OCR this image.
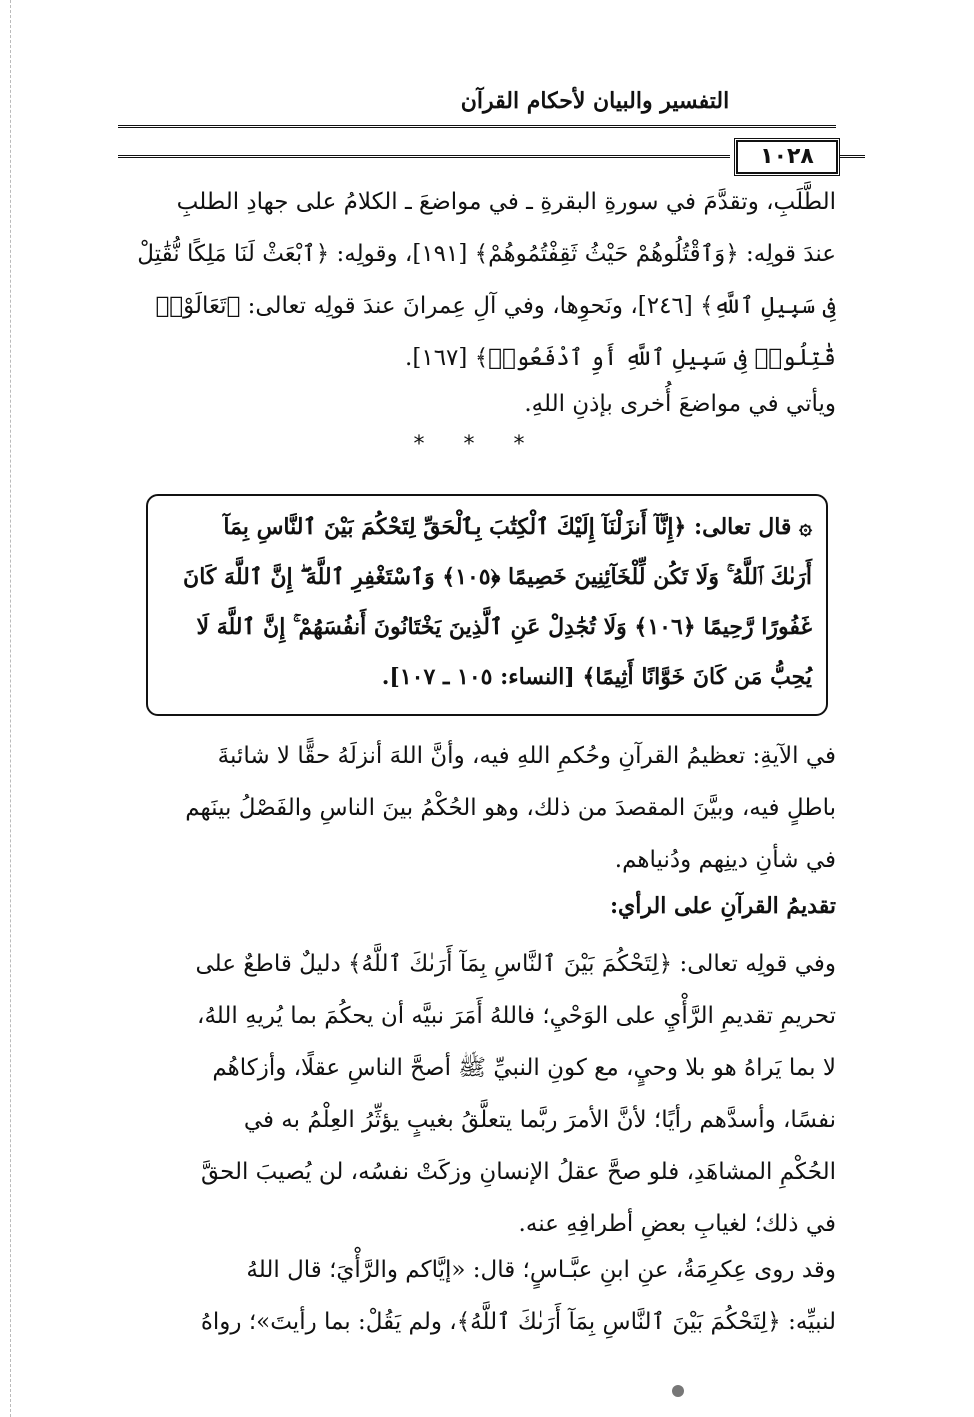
التفسير والبيان لأحكام القرآن
١٠٢٨
الطَّلَبِ، وتقدَّمَ في سورةِ البقرةِ ـ في مواضعَ ـ الكلامُ على جهادِ الطلبِ
عندَ قولِه: ﴿وَٱقْتُلُوهُمْ حَيْثُ ثَقِفْتُمُوهُمْ﴾ [١٩١]، وقولِه: ﴿ٱبْعَثْ لَنَا مَلِكًا نُّقَٰتِلْ
فِى سَبِيلِ ٱللَّهِ﴾ [٢٤٦]، ونَحوِها، وفي آلِ عِمرانَ عندَ قولِه تعالى: ﴿تَعَالَوْا۟
قَٰتِلُوا۟ فِى سَبِيلِ ٱللَّهِ أَوِ ٱدْفَعُوا۟﴾ [١٦٧].
ويأتي في مواضعَ أُخرى بإذنِ اللهِ.
* * *
۞ قال تعالى: ﴿إِنَّآ أَنزَلْنَآ إِلَيْكَ ٱلْكِتَٰبَ بِٱلْحَقِّ لِتَحْكُمَ بَيْنَ ٱلنَّاسِ بِمَآ
أَرَىٰكَ ٱللَّهُ ۚ وَلَا تَكُن لِّلْخَآئِنِينَ خَصِيمًا ﴿١٠٥﴾ وَٱسْتَغْفِرِ ٱللَّهَ ۖ إِنَّ ٱللَّهَ كَانَ
غَفُورًا رَّحِيمًا ﴿١٠٦﴾ وَلَا تُجَٰدِلْ عَنِ ٱلَّذِينَ يَخْتَانُونَ أَنفُسَهُمْ ۚ إِنَّ ٱللَّهَ لَا
يُحِبُّ مَن كَانَ خَوَّانًا أَثِيمًا﴾ [النساء: ١٠٥ ـ ١٠٧].
في الآيةِ: تعظيمُ القرآنِ وحُكمِ اللهِ فيه، وأنَّ اللهَ أنزلَهُ حقًّا لا شائبةَ
باطلٍ فيه، وبيَّنَ المقصدَ من ذلك، وهو الحُكْمُ بينَ الناسِ والفَصْلُ بينَهم
في شأنِ دينِهم ودُنياهم.
تقديمُ القرآنِ على الرأي:
وفي قولِه تعالى: ﴿لِتَحْكُمَ بَيْنَ ٱلنَّاسِ بِمَآ أَرَىٰكَ ٱللَّهُ﴾ دليلٌ قاطعٌ على
تحريمِ تقديمِ الرَّأْيِ على الوَحْيِ؛ فاللهُ أَمَرَ نبيَّه أن يحكُمَ بما يُريهِ اللهُ،
لا بما يَراهُ هو بلا وحيٍ، مع كونِ النبيِّ ﷺ أصحَّ الناسِ عقلًا، وأزكاهُم
نفسًا، وأسدَّهم رأيًا؛ لأنَّ الأمرَ ربَّما يتعلَّقُ بغيبٍ يؤثِّرُ العِلْمُ به في
الحُكْمِ المشاهَدِ، فلو صحَّ عقلُ الإنسانِ وزكَتْ نفسُه، لن يُصيبَ الحقَّ
في ذلك؛ لغيابِ بعضِ أطرافِهِ عنه.
وقد روى عِكرِمَةُ، عنِ ابنِ عبَّـاسٍ؛ قال: «إيَّاكم والرَّأْيَ؛ قال اللهُ
لنبيِّه: ﴿لِتَحْكُمَ بَيْنَ ٱلنَّاسِ بِمَآ أَرَىٰكَ ٱللَّهُ﴾، ولم يَقُلْ: بما رأيتَ»؛ رواهُ
